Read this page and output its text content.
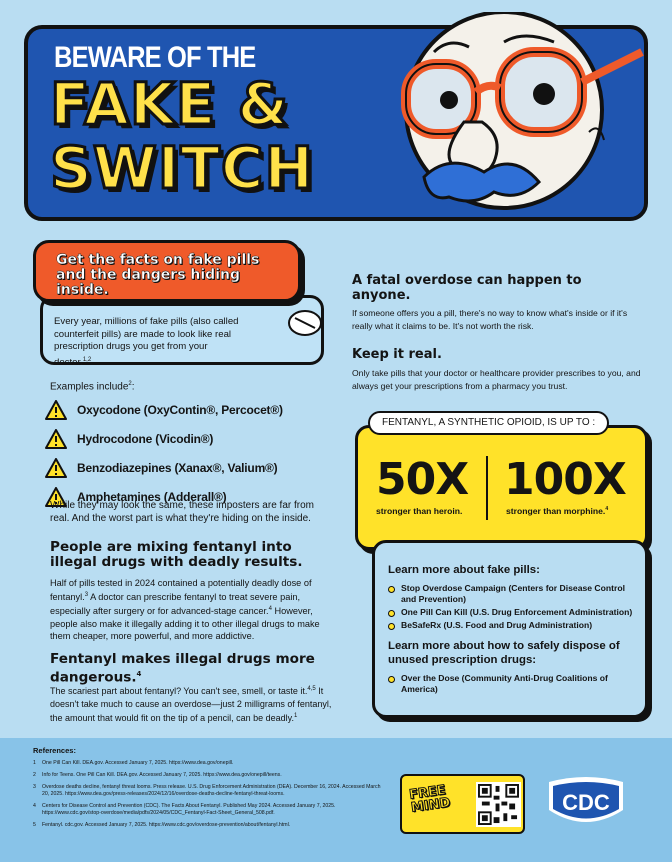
BEWARE OF THE
FAKE &
SWITCH

Get the facts on fake pills and the dangers hiding inside.

Every year, millions of fake pills (also called counterfeit pills) are made to look like real prescription drugs you get from your doctor.$^{1,2}$

Examples include$^2$:
Oxycodone (OxyContin®, Percocet®)
Hydrocodone (Vicodin®)
Benzodiazepines (Xanax®, Valium®)
Amphetamines (Adderall®)

While they may look the same, these imposters are far from real. And the worst part is what they're hiding on the inside.

People are mixing fentanyl into illegal drugs with deadly results.

Half of pills tested in 2024 contained a potentially deadly dose of fentanyl.$^3$ A doctor can prescribe fentanyl to treat severe pain, especially after surgery or for advanced-stage cancer.$^4$ However, people also make it illegally adding it to other illegal drugs to make them cheaper, more powerful, and more addictive.

Fentanyl makes illegal drugs more dangerous.$^4$

The scariest part about fentanyl? You can't see, smell, or taste it.$^{4,5}$ It doesn't take much to cause an overdose—just 2 milligrams of fentanyl, the amount that would fit on the tip of a pencil, can be deadly.$^1$

A fatal overdose can happen to anyone.

If someone offers you a pill, there's no way to know what's inside or if it's really what it claims to be. It's not worth the risk.

Keep it real.

Only take pills that your doctor or healthcare provider prescribes to you, and always get your prescriptions from a pharmacy you trust.

FENTANYL, A SYNTHETIC OPIOID, IS UP TO :
50X 100X
stronger than heroin.	stronger than morphine.$^4$
Learn more about fake pills:
Stop Overdose Campaign (Centers for Disease Control and Prevention)
One Pill Can Kill (U.S. Drug Enforcement Administration)
BeSafeRx (U.S. Food and Drug Administration)
Learn more about how to safely dispose of unused prescription drugs:
Over the Dose (Community Anti-Drug Coalitions of America)
References:
1	One Pill Can Kill. DEA.gov. Accessed January 7, 2025. https://www.dea.gov/onepill.
2	Info for Teens. One Pill Can Kill. DEA.gov. Accessed January 7, 2025. https://www.dea.gov/onepill/teens.
3	Overdose deaths decline, fentanyl threat looms. Press release. U.S. Drug Enforcement Administration (DEA). December 16, 2024. Accessed March 20, 2025. https://www.dea.gov/press-releases/2024/12/16/overdose-deaths-decline-fentanyl-threat-looms.
4	Centers for Disease Control and Prevention (CDC). The Facts About Fentanyl. Published May 2024. Accessed January 7, 2025. https://www.cdc.gov/stop-overdose/media/pdfs/2024/05/CDC_Fentanyl-Fact-Sheet_General_508.pdf.
5	Fentanyl. cdc.gov. Accessed January 7, 2025. https://www.cdc.gov/overdose-prevention/about/fentanyl.html.
FREE MIND	CDC
